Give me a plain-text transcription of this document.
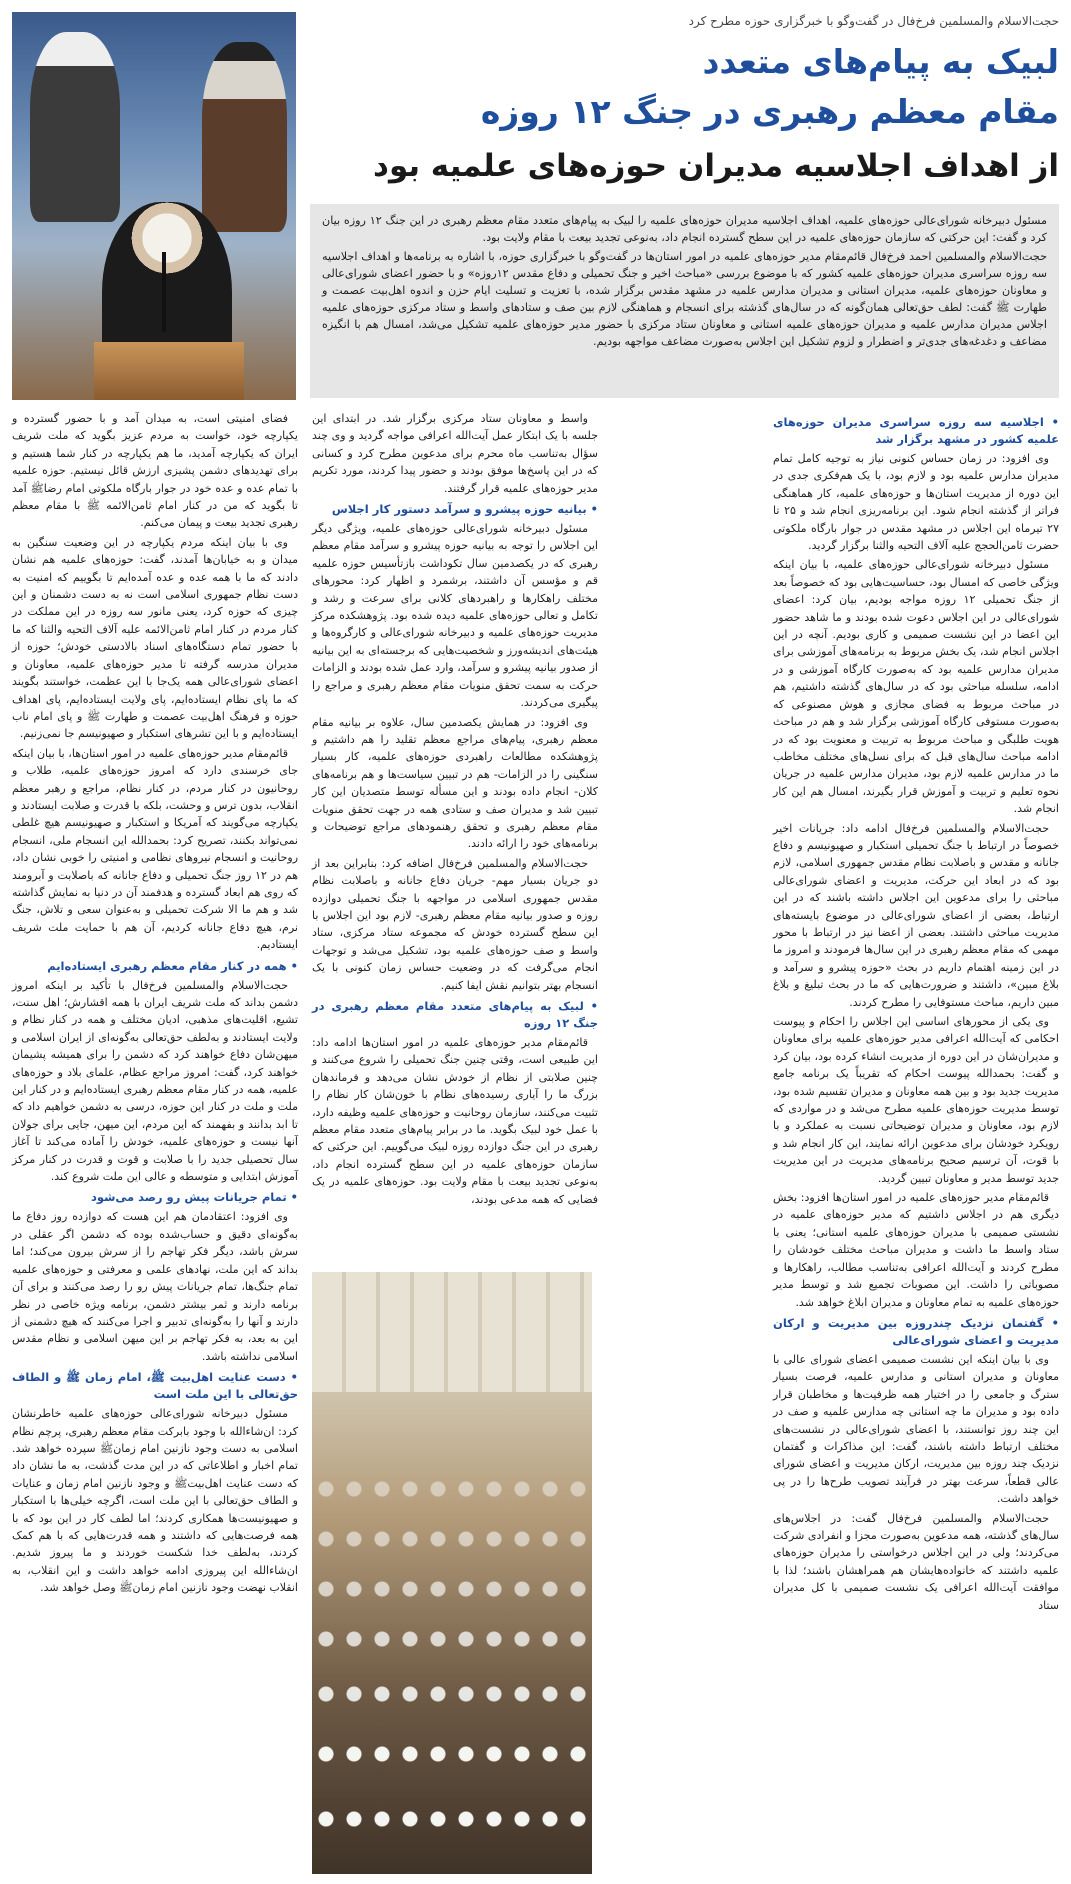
حجت‌الاسلام والمسلمین فرخ‌فال در گفت‌وگو با خبرگزاری حوزه مطرح کرد
لبیک به پیام‌های متعدد
مقام معظم رهبری در جنگ ۱۲ روزه
از اهداف اجلاسیه مدیران حوزه‌های علمیه بود

مسئول دبیرخانه شورای‌عالی حوزه‌های علمیه، اهداف اجلاسیه مدیران حوزه‌های علمیه را لبیک به پیام‌های متعدد مقام معظم رهبری در این جنگ ۱۲ روزه بیان کرد و گفت: این حرکتی که سازمان حوزه‌های علمیه در این سطح گسترده انجام داد، به‌نوعی تجدید بیعت با مقام ولایت بود.

حجت‌الاسلام والمسلمین احمد فرخ‌فال قائم‌مقام مدیر حوزه‌های علمیه در امور استان‌ها در گفت‌وگو با خبرگزاری حوزه، با اشاره به برنامه‌ها و اهداف اجلاسیه سه روزه سراسری مدیران حوزه‌های علمیه کشور که با موضوع بررسی «مباحث اخیر و جنگ تحمیلی و دفاع مقدس ۱۲روزه» و با حضور اعضای شورای‌عالی و معاونان حوزه‌های علمیه، مدیران استانی و مدیران مدارس علمیه در مشهد مقدس برگزار شده، با تعزیت و تسلیت ایام حزن و اندوه اهل‌بیت عصمت و طهارت ﷺ گفت: لطف حق‌تعالی همان‌گونه که در سال‌های گذشته برای انسجام و هماهنگی لازم بین صف و ستادهای واسط و ستاد مرکزی حوزه‌های علمیه اجلاس مدیران مدارس علمیه و مدیران حوزه‌های علمیه استانی و معاونان ستاد مرکزی با حضور مدیر حوزه‌های علمیه تشکیل می‌شد، امسال هم با انگیزه مضاعف و دغدغه‌های جدی‌تر و اضطرار و لزوم تشکیل این اجلاس به‌صورت مضاعف مواجهه بودیم.

• اجلاسیه سه روزه سراسری مدیران حوزه‌های علمیه کشور در مشهد برگزار شد

وی افزود: در زمان حساس کنونی نیاز به توجیه کامل تمام مدیران مدارس علمیه بود و لازم بود، با یک هم‌فکری جدی در این دوره از مدیریت استان‌ها و حوزه‌های علمیه، کار هماهنگی فراتر از گذشته انجام شود. این برنامه‌ریزی انجام شد و ۲۵ تا ۲۷ تیرماه این اجلاس در مشهد مقدس در جوار بارگاه ملکوتی حضرت ثامن‌الحجج علیه آلاف التحیه والثنا برگزار گردید.

مسئول دبیرخانه شورای‌عالی حوزه‌های علمیه، با بیان اینکه ویژگی خاصی که امسال بود، حساسیت‌هایی بود که خصوصاً بعد از جنگ تحمیلی ۱۲ روزه مواجه بودیم، بیان کرد: اعضای شورای‌عالی در این اجلاس دعوت شده بودند و ما شاهد حضور این اعضا در این نشست صمیمی و کاری بودیم. آنچه در این اجلاس انجام شد، یک بخش مربوط به برنامه‌های آموزشی برای مدیران مدارس علمیه بود که به‌صورت کارگاه آموزشی و در ادامه، سلسله مباحثی بود که در سال‌های گذشته داشتیم، هم در مباحث مربوط به فضای مجازی و هوش مصنوعی که به‌صورت مستوفی کارگاه آموزشی برگزار شد و هم در مباحث هویت طلبگی و مباحث مربوط به تربیت و معنویت بود که در ادامه مباحث سال‌های قبل که برای نسل‌های مختلف مخاطب ما در مدارس علمیه لازم بود، مدیران مدارس علمیه در جریان نحوه تعلیم و تربیت و آموزش قرار بگیرند، امسال هم این کار انجام شد.

حجت‌الاسلام والمسلمین فرخ‌فال ادامه داد: جریانات اخیر خصوصاً در ارتباط با جنگ تحمیلی استکبار و صهیونیسم و دفاع جانانه و مقدس و باصلابت نظام مقدس جمهوری اسلامی، لازم بود که در ابعاد این حرکت، مدیریت و اعضای شورای‌عالی مباحثی را برای مدعوین این اجلاس داشته باشند که در این ارتباط، بعضی از اعضای شورای‌عالی در موضوع بایسته‌های مدیریت مباحثی داشتند. بعضی از اعضا نیز در ارتباط با محور مهمی که مقام معظم رهبری در این سال‌ها فرمودند و امروز ما در این زمینه اهتمام داریم در بحث «حوزه پیشرو و سرآمد و بلاغ مبین»، داشتند و ضرورت‌هایی که ما در بحث تبلیغ و بلاغ مبین داریم، مباحث مستوفایی را مطرح کردند.

وی یکی از محورهای اساسی این اجلاس را احکام و پیوست احکامی که آیت‌الله اعرافی مدیر حوزه‌های علمیه برای معاونان و مدیران‌شان در این دوره از مدیریت انشاء کرده بود، بیان کرد و گفت: بحمدالله پیوست احکام که تقریباً یک برنامه جامع مدیریت جدید بود و بین همه معاونان و مدیران تقسیم شده بود، توسط مدیریت حوزه‌های علمیه مطرح می‌شد و در مواردی که لازم بود، معاونان و مدیران توضیحاتی نسبت به عملکرد و با رویکرد خودشان برای مدعوین ارائه نمایند، این کار انجام شد و با قوت، آن ترسیم صحیح برنامه‌های مدیریت در این مدیریت جدید توسط مدیر و معاونان تبیین گردید.

قائم‌مقام مدیر حوزه‌های علمیه در امور استان‌ها افزود: بخش دیگری هم در اجلاس داشتیم که مدیر حوزه‌های علمیه در نشستی صمیمی با مدیران حوزه‌های علمیه استانی؛ یعنی با ستاد واسط ما داشت و مدیران مباحث مختلف خودشان را مطرح کردند و آیت‌الله اعرافی به‌تناسب مطالب، راهکارها و مصوباتی را داشت. این مصوبات تجمیع شد و توسط مدیر حوزه‌های علمیه به تمام معاونان و مدیران ابلاغ خواهد شد.

• گفتمان نزدیک چندروزه بین مدیریت و ارکان مدیریت و اعضای شورای‌عالی

وی با بیان اینکه این نشست صمیمی اعضای شورای عالی با معاونان و مدیران استانی و مدارس علمیه، فرصت بسیار سترگ و جامعی را در اختیار همه ظرفیت‌ها و مخاطبان قرار داده بود و مدیران ما چه استانی چه مدارس علمیه و صف در این چند روز توانستند، با اعضای شورای‌عالی در نشست‌های مختلف ارتباط داشته باشند، گفت: این مذاکرات و گفتمان نزدیک چند روزه بین مدیریت، ارکان مدیریت و اعضای شورای عالی قطعاً، سرعت بهتر در فرآیند تصویب طرح‌ها را در پی خواهد داشت.

حجت‌الاسلام والمسلمین فرخ‌فال گفت: در اجلاس‌های سال‌های گذشته، همه مدعوین به‌صورت مجزا و انفرادی شرکت می‌کردند؛ ولی در این اجلاس درخواستی را مدیران حوزه‌های علمیه داشتند که خانواده‌هایشان هم همراهشان باشند؛ لذا با موافقت آیت‌الله اعرافی یک نشست صمیمی با کل مدیران ستاد

واسط و معاونان ستاد مرکزی برگزار شد. در ابتدای این جلسه با یک ابتکار عمل آیت‌الله اعرافی مواجه گردید و وی چند سؤال به‌تناسب ماه محرم برای مدعوین مطرح کرد و کسانی که در این پاسخ‌ها موفق بودند و حضور پیدا کردند، مورد تکریم مدیر حوزه‌های علمیه قرار گرفتند.

• بیانیه حوزه پیشرو و سرآمد دستور کار اجلاس

مسئول دبیرخانه شورای‌عالی حوزه‌های علمیه، ویژگی دیگر این اجلاس را توجه به بیانیه حوزه پیشرو و سرآمد مقام معظم رهبری که در یکصدمین سال تکوداشت بازتأسیس حوزه علمیه قم و مؤسس آن داشتند، برشمرد و اظهار کرد: محورهای مختلف راهکارها و راهبردهای کلانی برای سرعت و رشد و تکامل و تعالی حوزه‌های علمیه دیده شده بود. پژوهشکده مرکز مدیریت حوزه‌های علمیه و دبیرخانه شورای‌عالی و کارگروه‌ها و هیئت‌های اندیشه‌ورز و شخصیت‌هایی که برجسته‌ای به این بیانیه از صدور بیانیه پیشرو و سرآمد، وارد عمل شده بودند و الزامات حرکت به سمت تحقق منویات مقام معظم رهبری و مراجع را پیگیری می‌کردند.

وی افزود: در همایش یکصدمین سال، علاوه بر بیانیه مقام معظم رهبری، پیام‌های مراجع معظم تقلید را هم داشتیم و پژوهشکده مطالعات راهبردی حوزه‌های علمیه، کار بسیار سنگینی را در الزامات- هم در تبیین سیاست‌ها و هم برنامه‌های کلان- انجام داده بودند و این مسأله توسط متصدیان این کار تبیین شد و مدیران صف و ستادی همه در جهت تحقق منویات مقام معظم رهبری و تحقق رهنمودهای مراجع توضیحات و برنامه‌های خود را ارائه دادند.

حجت‌الاسلام والمسلمین فرخ‌فال اضافه کرد: بنابراین بعد از دو جریان بسیار مهم- جریان دفاع جانانه و باصلابت نظام مقدس جمهوری اسلامی در مواجهه با جنگ تحمیلی دوازده روزه و صدور بیانیه مقام معظم رهبری- لازم بود این اجلاس با این سطح گسترده خودش که مجموعه ستاد مرکزی، ستاد واسط و صف حوزه‌های علمیه بود، تشکیل می‌شد و توجهات انجام می‌گرفت که در وضعیت حساس زمان کنونی با یک انسجام بهتر بتوانیم نقش ایفا کنیم.

• لبیک به پیام‌های متعدد مقام معظم رهبری در جنگ ۱۲ روزه

قائم‌مقام مدیر حوزه‌های علمیه در امور استان‌ها ادامه داد: این طبیعی است، وقتی چنین جنگ تحمیلی را شروع می‌کنند و چنین صلابتی از نظام از خودش نشان می‌دهد و فرماندهان بزرگ ما را آیاری رسیده‌های نظام با خون‌شان کار نظام را تثبیت می‌کنند، سازمان روحانیت و حوزه‌های علمیه وظیفه دارد، با عمل خود لبیک بگوید. ما در برابر پیام‌های متعدد مقام معظم رهبری در این جنگ دوازده روزه لبیک می‌گوییم. این حرکتی که سازمان حوزه‌های علمیه در این سطح گسترده انجام داد، به‌نوعی تجدید بیعت با مقام ولایت بود. حوزه‌های علمیه در یک فضایی که همه مدعی بودند،

فضای امنیتی است، به میدان آمد و با حضور گسترده و یکپارچه خود، خواست به مردم عزیز بگوید که ملت شریف ایران که یکپارچه آمدید، ما هم یکپارچه در کنار شما هستیم و برای تهدیدهای دشمن پشیزی ارزش قائل نیستیم. حوزه علمیه با تمام عده و عده خود در جوار بارگاه ملکوتی امام رضاﷺ آمد تا بگوید که من در کنار امام ثامن‌الائمه ﷺ با مقام معظم رهبری تجدید بیعت و پیمان می‌کنم.

وی با بیان اینکه مردم یکپارچه در این وضعیت سنگین به میدان و به خیابان‌ها آمدند، گفت: حوزه‌های علمیه هم نشان دادند که ما با همه عده و عده آمده‌ایم تا بگوییم که امنیت به دست نظام جمهوری اسلامی است نه به دست دشمنان و این چیزی که حوزه کرد، یعنی مانور سه روزه در این مملکت در کنار مردم در کنار امام ثامن‌الائمه علیه آلاف التحیه والثنا که ما با حضور تمام دستگاه‌های اسناد بالادستی خودش؛ حوزه از مدیران مدرسه گرفته تا مدیر حوزه‌های علمیه، معاونان و اعضای شورای‌عالی همه یک‌جا با این عظمت، خواستند بگویند که ما پای نظام ایستاده‌ایم، پای ولایت ایستاده‌ایم، پای اهداف حوزه و فرهنگ اهل‌بیت عصمت و طهارت ﷺ و پای امام ناب ایستاده‌ایم و با این تشرهای استکبار و صهیونیسم جا نمی‌زنیم.

قائم‌مقام مدیر حوزه‌های علمیه در امور استان‌ها، با بیان اینکه جای خرسندی دارد که امروز حوزه‌های علمیه، طلاب و روحانیون در کنار مردم، در کنار نظام، مراجع و رهبر معظم انقلاب، بدون ترس و وحشت، بلکه با قدرت و صلابت ایستادند و یکپارچه می‌گویند که آمریکا و استکبار و صهیونیسم هیچ غلطی نمی‌تواند بکنند، تصریح کرد: بحمدالله این انسجام ملی، انسجام روحانیت و انسجام نیروهای نظامی و امنیتی را خوبی نشان داد، هم در ۱۲ روز جنگ تحمیلی و دفاع جانانه که باصلابت و آبرومند که روی هم ابعاد گسترده و هدفمند آن در دنیا به نمایش گذاشته شد و هم ما الا شرکت تحمیلی و به‌عنوان سعی و تلاش، جنگ نرم، هیچ دفاع جانانه کردیم، آن هم با حمایت ملت شریف ایستادیم.

• همه در کنار مقام معظم رهبری ایستاده‌ایم

حجت‌الاسلام والمسلمین فرخ‌فال با تأکید بر اینکه امروز دشمن بداند که ملت شریف ایران با همه اقشارش؛ اهل سنت، تشیع، اقلیت‌های مذهبی، ادیان مختلف و همه در کنار نظام و ولایت ایستادند و به‌لطف حق‌تعالی به‌گونه‌ای از ایران اسلامی و میهن‌شان دفاع خواهند کرد که دشمن را برای همیشه پشیمان خواهند کرد، گفت: امروز مراجع عظام، علمای بلاد و حوزه‌های علمیه، همه در کنار مقام معظم رهبری ایستاده‌ایم و در کنار این ملت و ملت در کنار این حوزه، درسی به دشمن خواهیم داد که تا ابد بدانند و بفهمند که این مردم، این میهن، جایی برای جولان آنها نیست و حوزه‌های علمیه، خودش را آماده می‌کند تا آغاز سال تحصیلی جدید را با صلابت و قوت و قدرت در کنار مرکز آموزش ابتدایی و متوسطه و عالی این ملت شروع کند.

• تمام جریانات پیش رو رصد می‌شود

وی افزود: اعتقادمان هم این هست که دوازده روز دفاع ما به‌گونه‌ای دقیق و حساب‌شده بوده که دشمن اگر عقلی در سرش باشد، دیگر فکر تهاجم را از سرش بیرون می‌کند؛ اما بداند که این ملت، نهادهای علمی و معرفتی و حوزه‌های علمیه تمام جنگ‌ها، تمام جریانات پیش رو را رصد می‌کنند و برای آن برنامه دارند و ثمر بیشتر دشمن، برنامه ویژه خاصی در نظر دارند و آنها را به‌گونه‌ای تدبیر و اجرا می‌کنند که هیچ دشمنی از این به بعد، به فکر تهاجم بر این میهن اسلامی و نظام مقدس اسلامی نداشته باشد.

• دست عنایت اهل‌بیت ﷺ، امام زمان ﷺ و الطاف حق‌تعالی با این ملت است

مسئول دبیرخانه شورای‌عالی حوزه‌های علمیه خاطرنشان کرد: ان‌شاءالله با وجود بابرکت مقام معظم رهبری، پرچم نظام اسلامی به دست وجود نازنین امام زمانﷺ سپرده خواهد شد. تمام اخبار و اطلاعاتی که در این مدت گذشت، به ما نشان داد که دست عنایت اهل‌بیتﷺ و وجود نازنین امام زمان و عنایات و الطاف حق‌تعالی با این ملت است، اگرچه خیلی‌ها با استکبار و صهیونیست‌ها همکاری کردند؛ اما لطف کار در این بود که با همه فرصت‌هایی که داشتند و همه قدرت‌هایی که با هم کمک کردند، به‌لطف خدا شکست خوردند و ما پیروز شدیم. ان‌شاءالله این پیروزی ادامه خواهد داشت و این انقلاب، به انقلاب نهضت وجود نازنین امام زمانﷺ وصل خواهد شد.
